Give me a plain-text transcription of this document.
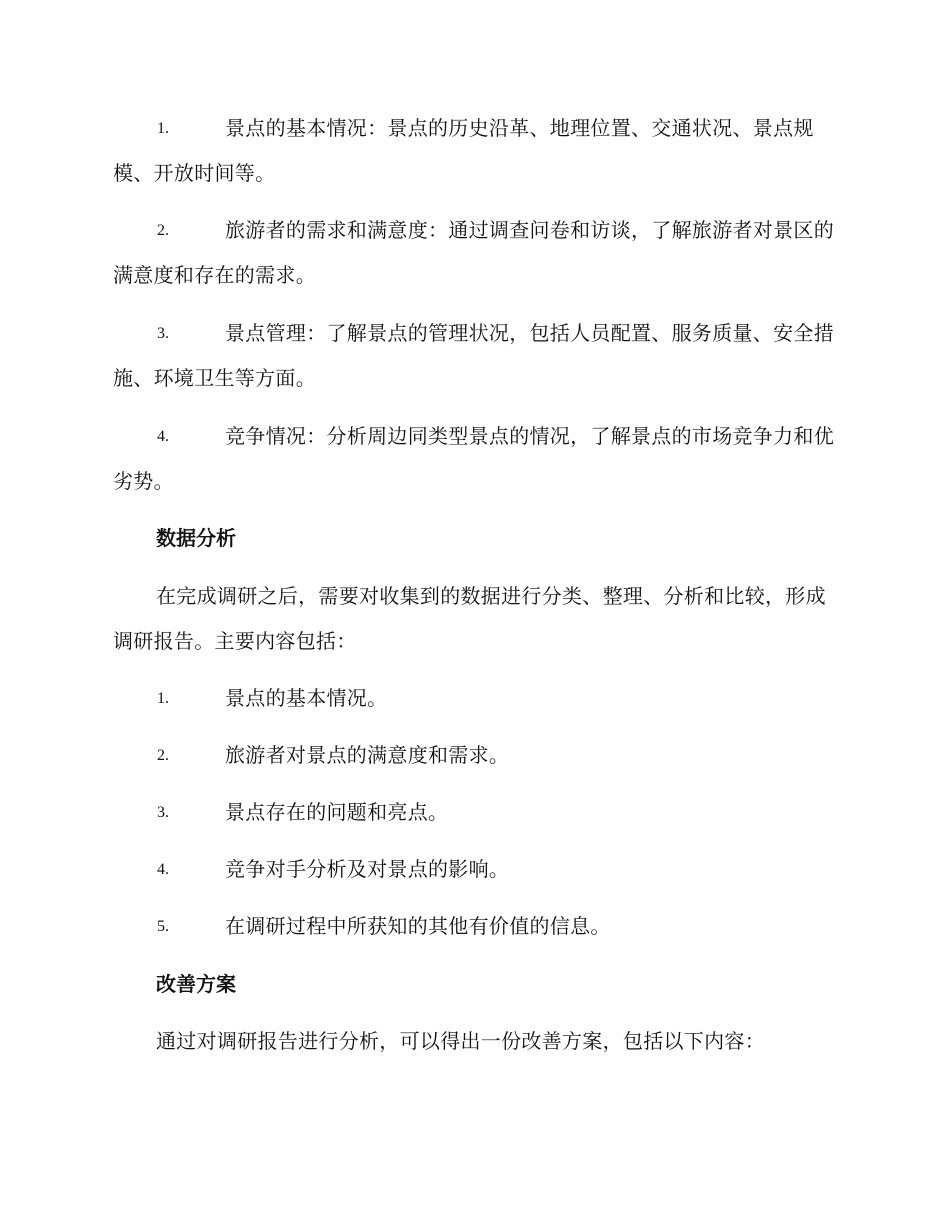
1.	景点的基本情况：景点的历史沿革、地理位置、交通状况、景点规模、开放时间等。
2.	旅游者的需求和满意度：通过调查问卷和访谈，了解旅游者对景区的满意度和存在的需求。
3.	景点管理：了解景点的管理状况，包括人员配置、服务质量、安全措施、环境卫生等方面。
4.	竞争情况：分析周边同类型景点的情况，了解景点的市场竞争力和优劣势。
数据分析
在完成调研之后，需要对收集到的数据进行分类、整理、分析和比较，形成调研报告。主要内容包括：
1.	景点的基本情况。
2.	旅游者对景点的满意度和需求。
3.	景点存在的问题和亮点。
4.	竞争对手分析及对景点的影响。
5.	在调研过程中所获知的其他有价值的信息。
改善方案
通过对调研报告进行分析，可以得出一份改善方案，包括以下内容：
